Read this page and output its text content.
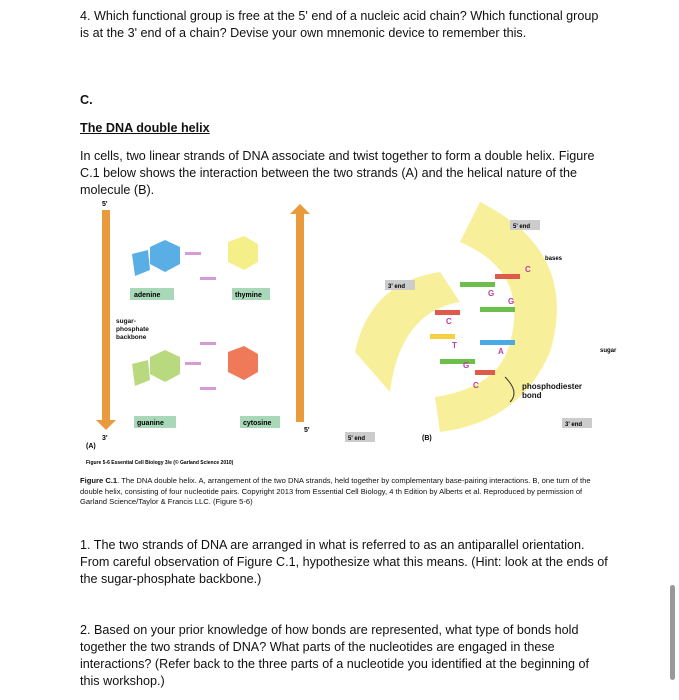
4. Which functional group is free at the 5' end of a nucleic acid chain? Which functional group is at the 3' end of a chain? Devise your own mnemonic device to remember this.
C.
The DNA double helix
In cells, two linear strands of DNA associate and twist together to form a double helix. Figure C.1 below shows the interaction between the two strands (A) and the helical nature of the molecule (B).
5'
3'
5'
adenine	thymine
guanine	cytosine
sugar-phosphate backbone
(A)
Figure 5-6 Essential Cell Biology 3/e (© Garland Science 2010)
5' end
3' end
5' end
3' end
bases
sugar
phosphodiester bond
C
G
G
C
T
A
G
C
(B)
Figure C.1. The DNA double helix. A, arrangement of the two DNA strands, held together by complementary base-pairing interactions. B, one turn of the double helix, consisting of four nucleotide pairs. Copyright 2013 from Essential Cell Biology, 4 th Edition by Alberts et al. Reproduced by permission of Garland Science/Taylor & Francis LLC. (Figure 5-6)
1. The two strands of DNA are arranged in what is referred to as an antiparallel orientation. From careful observation of Figure C.1, hypothesize what this means. (Hint: look at the ends of the sugar-phosphate backbone.)
2. Based on your prior knowledge of how bonds are represented, what type of bonds hold together the two strands of DNA? What parts of the nucleotides are engaged in these interactions? (Refer back to the three parts of a nucleotide you identified at the beginning of this workshop.)
